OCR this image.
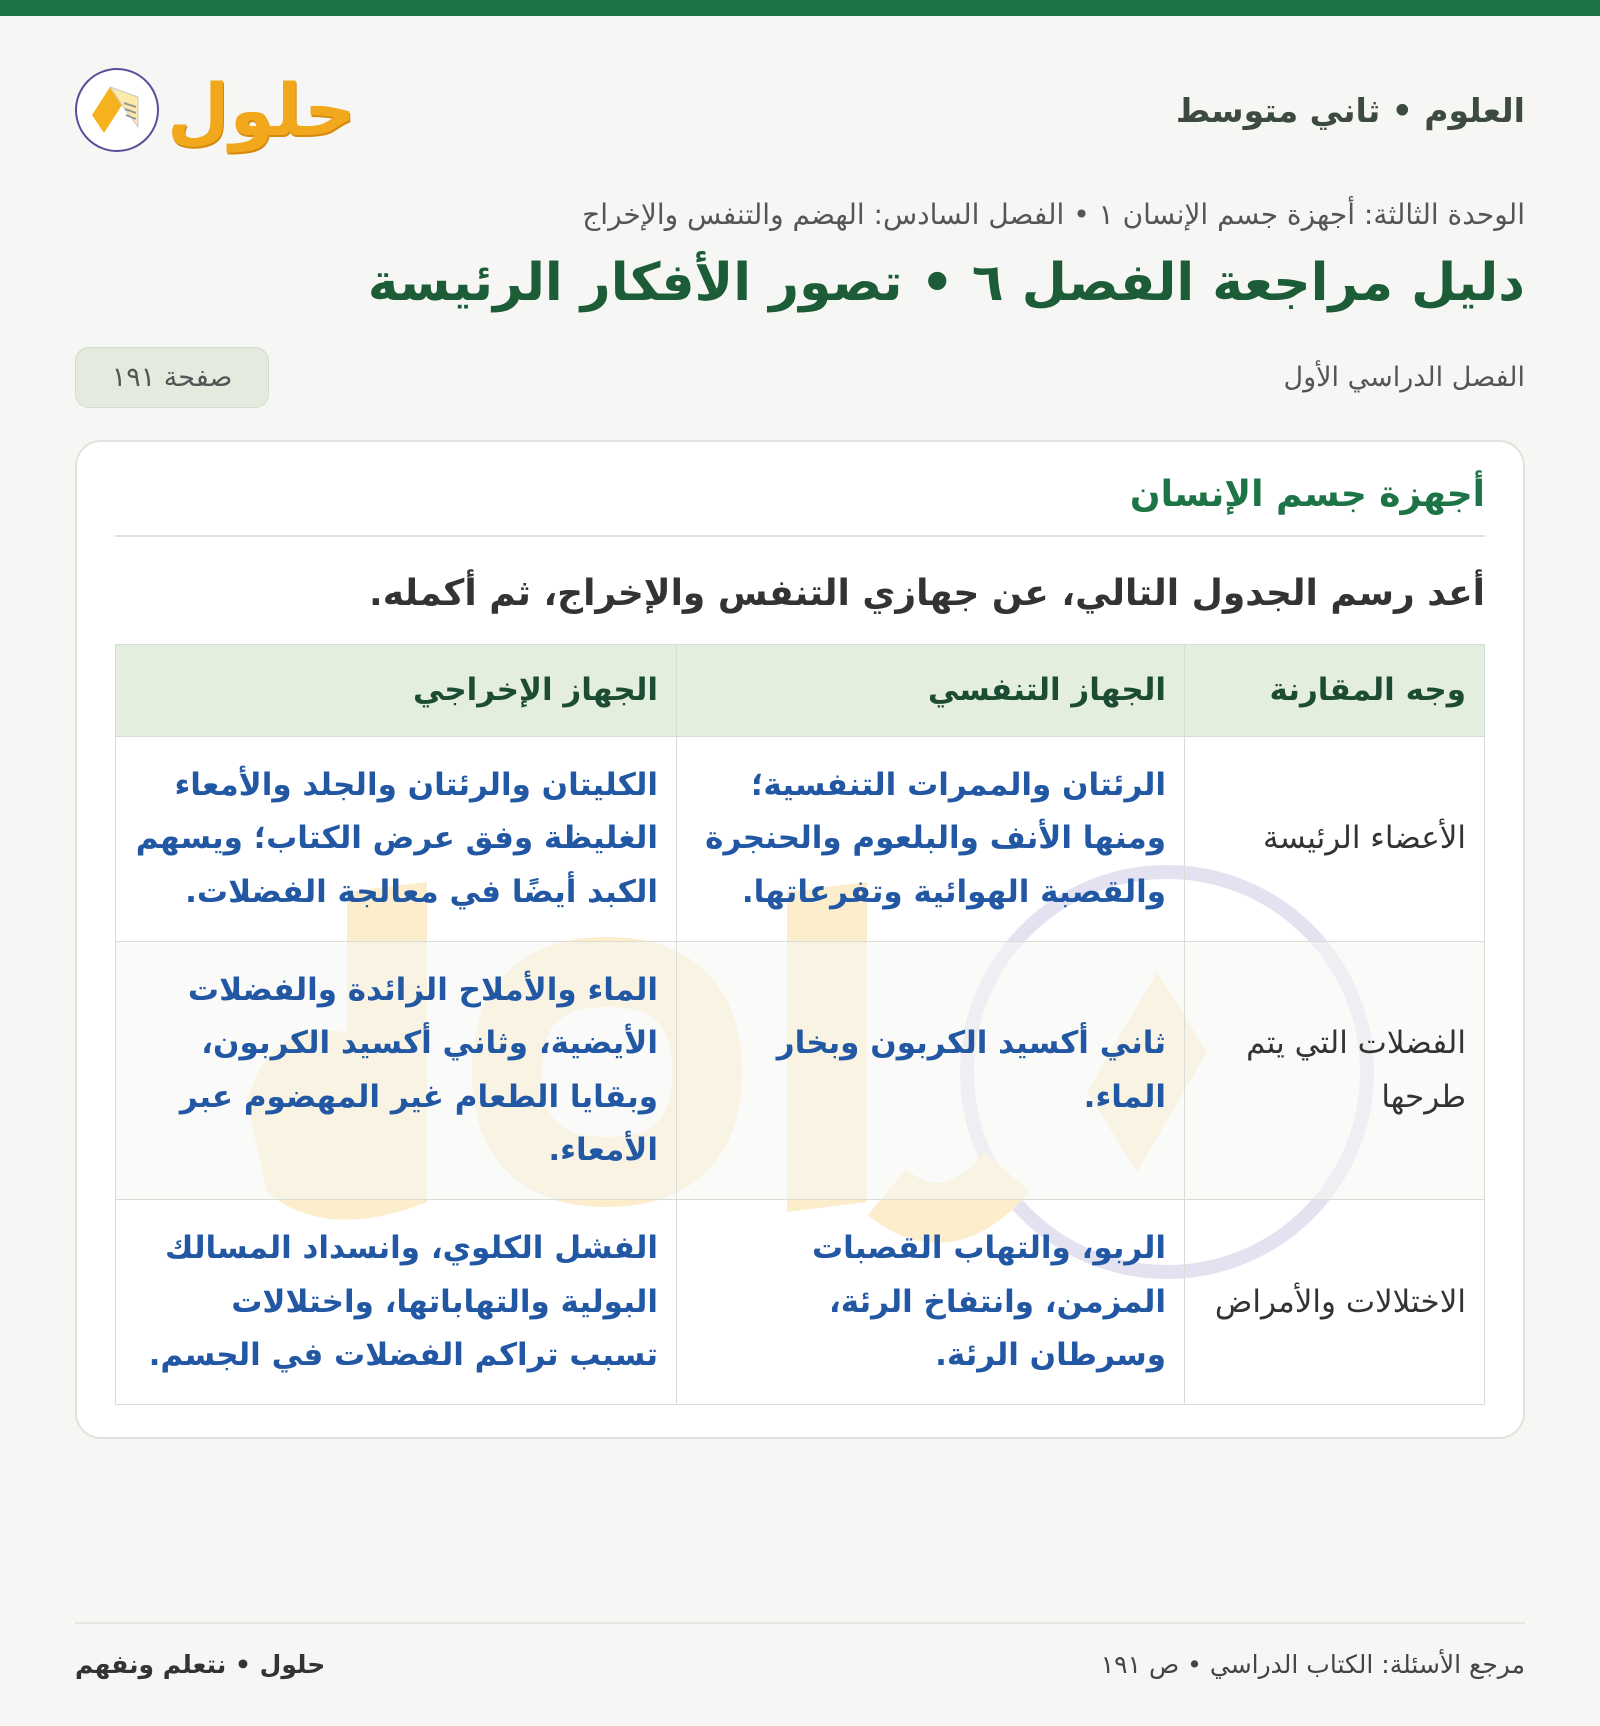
العلوم • ثاني متوسط
حلول
الوحدة الثالثة: أجهزة جسم الإنسان ١ • الفصل السادس: الهضم والتنفس والإخراج
دليل مراجعة الفصل ٦ • تصور الأفكار الرئيسة
الفصل الدراسي الأول
صفحة ١٩١
أجهزة جسم الإنسان
أعد رسم الجدول التالي، عن جهازي التنفس والإخراج، ثم أكمله.
وجه المقارنة	الجهاز التنفسي	الجهاز الإخراجي
الأعضاء الرئيسة	الرئتان والممرات التنفسية؛ ومنها الأنف والبلعوم والحنجرة والقصبة الهوائية وتفرعاتها.	الكليتان والرئتان والجلد والأمعاء الغليظة وفق عرض الكتاب؛ ويسهم الكبد أيضًا في معالجة الفضلات.
الفضلات التي يتم طرحها	ثاني أكسيد الكربون وبخار الماء.	الماء والأملاح الزائدة والفضلات الأيضية، وثاني أكسيد الكربون، وبقايا الطعام غير المهضوم عبر الأمعاء.
الاختلالات والأمراض	الربو، والتهاب القصبات المزمن، وانتفاخ الرئة، وسرطان الرئة.	الفشل الكلوي، وانسداد المسالك البولية والتهاباتها، واختلالات تسبب تراكم الفضلات في الجسم.
مرجع الأسئلة: الكتاب الدراسي • ص ١٩١
حلول • نتعلم ونفهم
